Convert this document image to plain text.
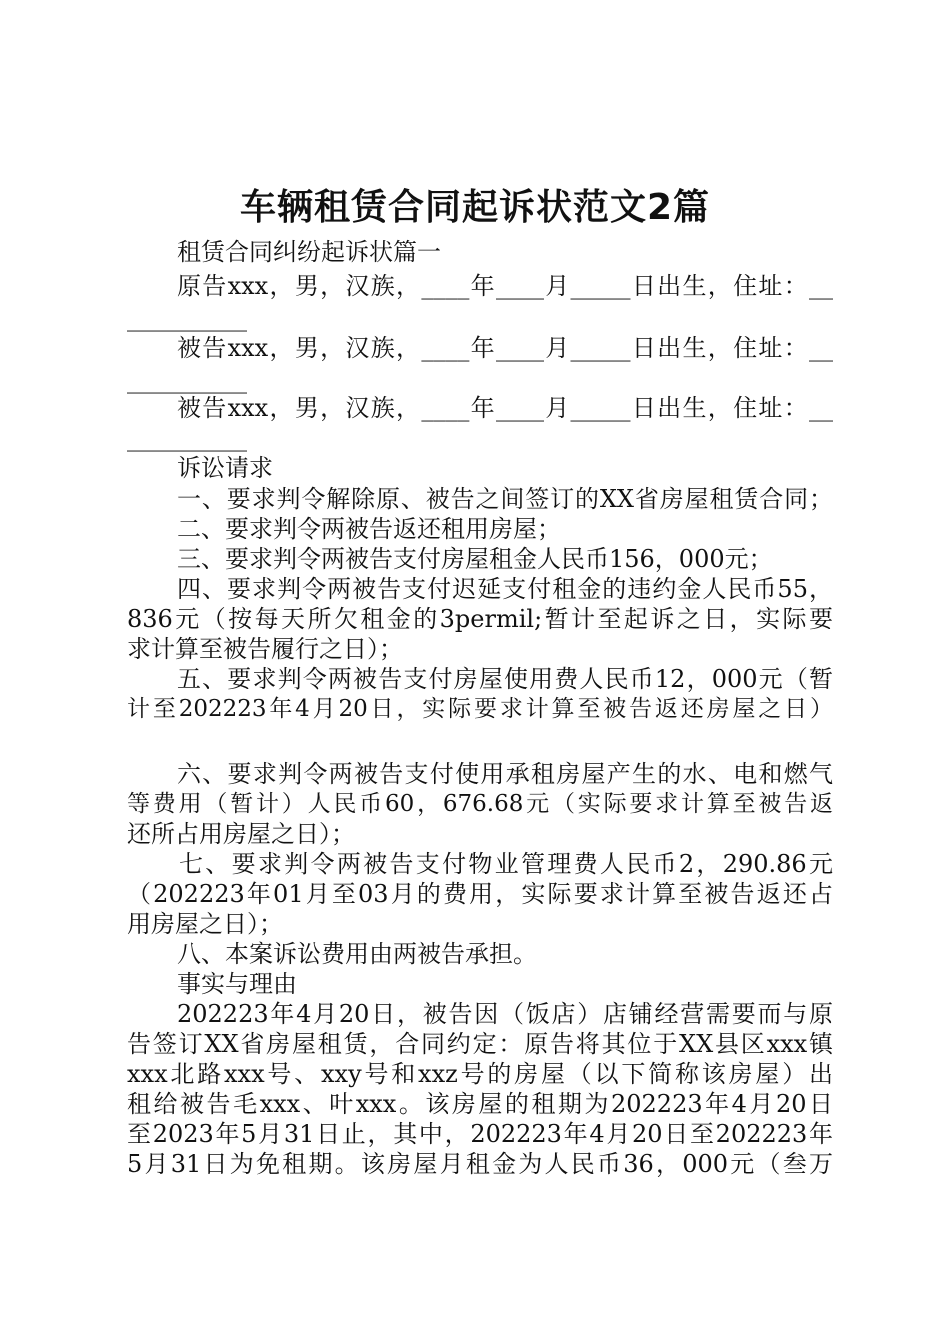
车辆租赁合同起诉状范文2篇
租赁合同纠纷起诉状篇一
原告xxx，男，汉族，____年____月_____日出生，住址：__
__________
被告xxx，男，汉族，____年____月_____日出生，住址：__
__________
被告xxx，男，汉族，____年____月_____日出生，住址：__
__________
诉讼请求
一、要求判令解除原、被告之间签订的XX省房屋租赁合同；
二、要求判令两被告返还租用房屋；
三、要求判令两被告支付房屋租金人民币156，000元；
四、要求判令两被告支付迟延支付租金的违约金人民币55，
836元（按每天所欠租金的3permil;暂计至起诉之日，实际要
求计算至被告履行之日）；
五、要求判令两被告支付房屋使用费人民币12，000元（暂
计至202223年4月20日，实际要求计算至被告返还房屋之日）
六、要求判令两被告支付使用承租房屋产生的水、电和燃气
等费用（暂计）人民币60，676.68元（实际要求计算至被告返
还所占用房屋之日）；
七、要求判令两被告支付物业管理费人民币2，290.86元
（202223年01月至03月的费用，实际要求计算至被告返还占
用房屋之日）；
八、本案诉讼费用由两被告承担。
事实与理由
202223年4月20日，被告因（饭店）店铺经营需要而与原
告签订XX省房屋租赁，合同约定：原告将其位于XX县区xxx镇
xxx北路xxx号、xxy号和xxz号的房屋（以下简称该房屋）出
租给被告毛xxx、叶xxx。该房屋的租期为202223年4月20日
至2023年5月31日止，其中，202223年4月20日至202223年
5月31日为免租期。该房屋月租金为人民币36，000元（叁万
